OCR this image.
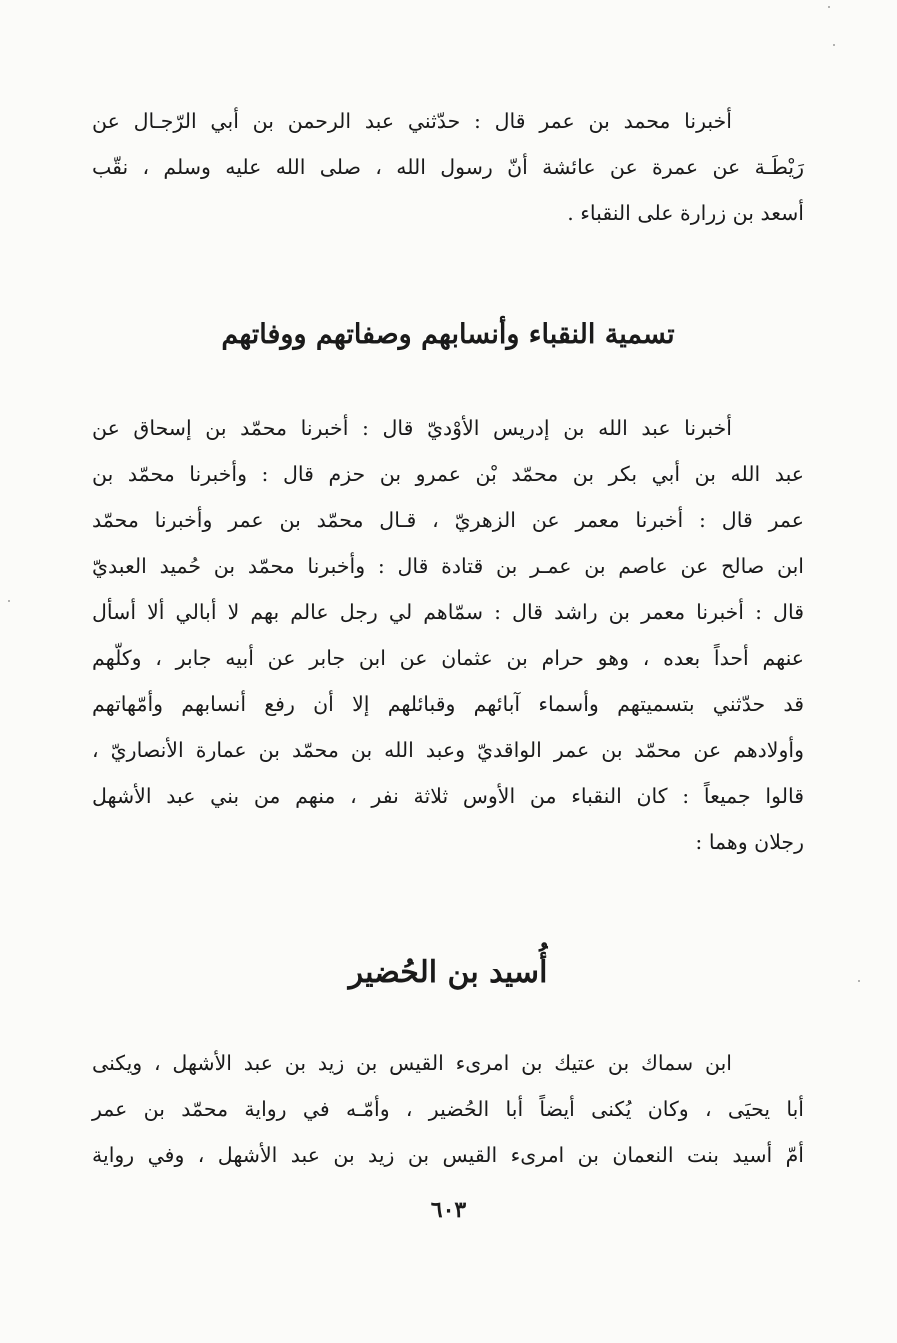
أخبرنا محمد بن عمر قال : حدّثني عبد الرحمن بن أبي الرّجـال عن
رَيْطَـة عن عمرة عن عائشة أنّ رسول الله ، صلى الله عليه وسلم ، نقّب
أسعد بن زرارة على النقباء .
تسمية النقباء وأنسابهم وصفاتهم ووفاتهم
أخبرنا عبد الله بن إدريس الأوْديّ قال : أخبرنا محمّد بن إسحاق عن
عبد الله بن أبي بكر بن محمّد بْن عمرو بن حزم قال : وأخبرنا محمّد بن
عمر قال : أخبرنا معمر عن الزهريّ ، قـال محمّد بن عمر وأخبرنا محمّد
ابن صالح عن عاصم بن عمـر بن قتادة قال : وأخبرنا محمّد بن حُميد العبديّ
قال : أخبرنا معمر بن راشد قال : سمّاهم لي رجل عالم بهم لا أبالي ألا أسأل
عنهم أحداً بعده ، وهو حرام بن عثمان عن ابن جابر عن أبيه جابر ، وكلّهم
قد حدّثني بتسميتهم وأسماء آبائهم وقبائلهم إلا أن رفع أنسابهم وأمّهاتهم
وأولادهم عن محمّد بن عمر الواقديّ وعبد الله بن محمّد بن عمارة الأنصاريّ ،
قالوا جميعاً : كان النقباء من الأوس ثلاثة نفر ، منهم من بني عبد الأشهل
رجلان وهما :
أُسيد بن الحُضير
ابن سماك بن عتيك بن امرىء القيس بن زيد بن عبد الأشهل ، ويكنى
أبا يحيَى ، وكان يُكنى أيضاً أبا الحُضير ، وأمّـه في رواية محمّد بن عمر
أمّ أسيد بنت النعمان بن امرىء القيس بن زيد بن عبد الأشهل ، وفي رواية
٦٠٣
